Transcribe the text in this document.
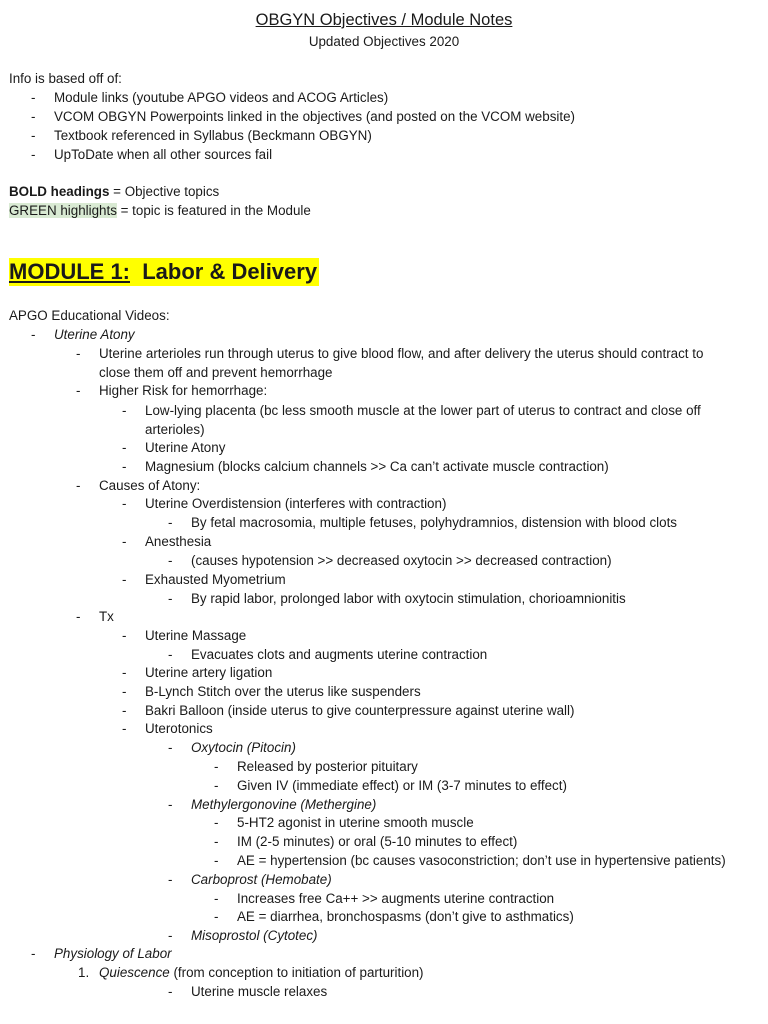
OBGYN Objectives / Module Notes
Updated Objectives 2020
Info is based off of:
- Module links (youtube APGO videos and ACOG Articles)
- VCOM OBGYN Powerpoints linked in the objectives (and posted on the VCOM website)
- Textbook referenced in Syllabus (Beckmann OBGYN)
- UpToDate when all other sources fail
BOLD headings = Objective topics
GREEN highlights = topic is featured in the Module
MODULE 1: Labor & Delivery
APGO Educational Videos:
- Uterine Atony
- Uterine arterioles run through uterus to give blood flow, and after delivery the uterus should contract to
close them off and prevent hemorrhage
- Higher Risk for hemorrhage:
- Low-lying placenta (bc less smooth muscle at the lower part of uterus to contract and close off
arterioles)
- Uterine Atony
- Magnesium (blocks calcium channels >> Ca can’t activate muscle contraction)
- Causes of Atony:
- Uterine Overdistension (interferes with contraction)
- By fetal macrosomia, multiple fetuses, polyhydramnios, distension with blood clots
- Anesthesia
- (causes hypotension >> decreased oxytocin >> decreased contraction)
- Exhausted Myometrium
- By rapid labor, prolonged labor with oxytocin stimulation, chorioamnionitis
- Tx
- Uterine Massage
- Evacuates clots and augments uterine contraction
- Uterine artery ligation
- B-Lynch Stitch over the uterus like suspenders
- Bakri Balloon (inside uterus to give counterpressure against uterine wall)
- Uterotonics
- Oxytocin (Pitocin)
- Released by posterior pituitary
- Given IV (immediate effect) or IM (3-7 minutes to effect)
- Methylergonovine (Methergine)
- 5-HT2 agonist in uterine smooth muscle
- IM (2-5 minutes) or oral (5-10 minutes to effect)
- AE = hypertension (bc causes vasoconstriction; don’t use in hypertensive patients)
- Carboprost (Hemobate)
- Increases free Ca++ >> augments uterine contraction
- AE = diarrhea, bronchospasms (don’t give to asthmatics)
- Misoprostol (Cytotec)
- Physiology of Labor
1. Quiescence (from conception to initiation of parturition)
- Uterine muscle relaxes
